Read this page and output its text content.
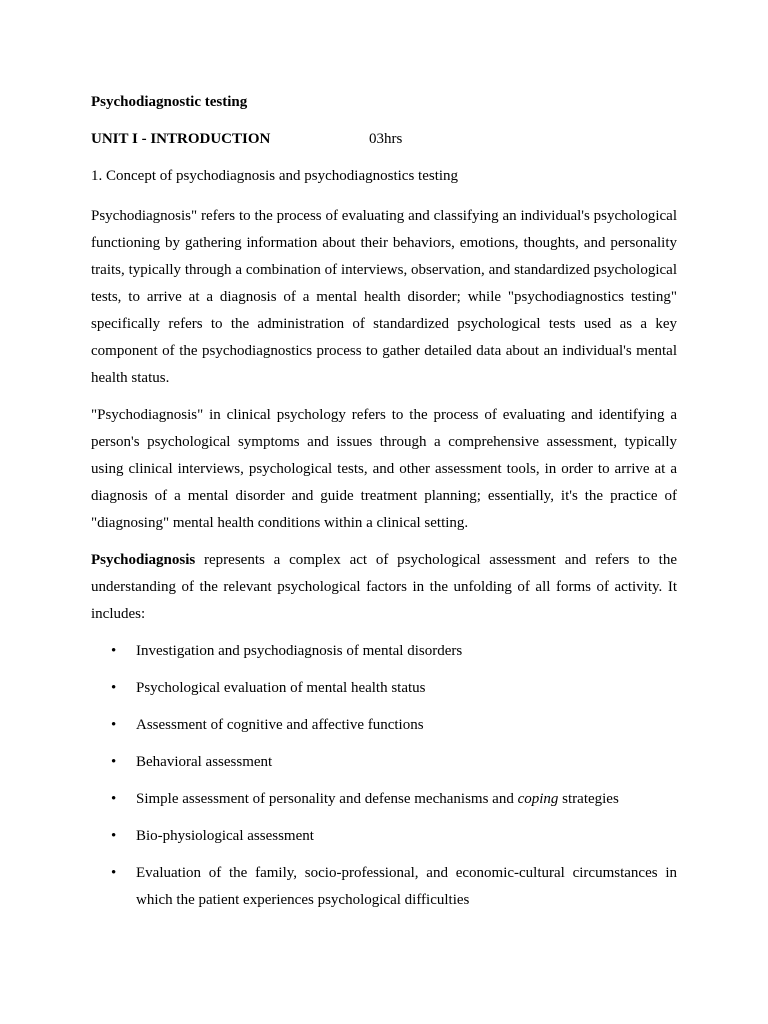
Psychodiagnostic testing
UNIT I - INTRODUCTION	03hrs
1. Concept of psychodiagnosis and psychodiagnostics testing

Psychodiagnosis" refers to the process of evaluating and classifying an individual's psychological functioning by gathering information about their behaviors, emotions, thoughts, and personality traits, typically through a combination of interviews, observation, and standardized psychological tests, to arrive at a diagnosis of a mental health disorder; while "psychodiagnostics testing" specifically refers to the administration of standardized psychological tests used as a key component of the psychodiagnostics process to gather detailed data about an individual's mental health status.

"Psychodiagnosis" in clinical psychology refers to the process of evaluating and identifying a person's psychological symptoms and issues through a comprehensive assessment, typically using clinical interviews, psychological tests, and other assessment tools, in order to arrive at a diagnosis of a mental disorder and guide treatment planning; essentially, it's the practice of "diagnosing" mental health conditions within a clinical setting.

Psychodiagnosis represents a complex act of psychological assessment and refers to the understanding of the relevant psychological factors in the unfolding of all forms of activity. It includes:

• Investigation and psychodiagnosis of mental disorders
• Psychological evaluation of mental health status
• Assessment of cognitive and affective functions
• Behavioral assessment
• Simple assessment of personality and defense mechanisms and coping strategies
• Bio-physiological assessment
• Evaluation of the family, socio-professional, and economic-cultural circumstances in which the patient experiences psychological difficulties
